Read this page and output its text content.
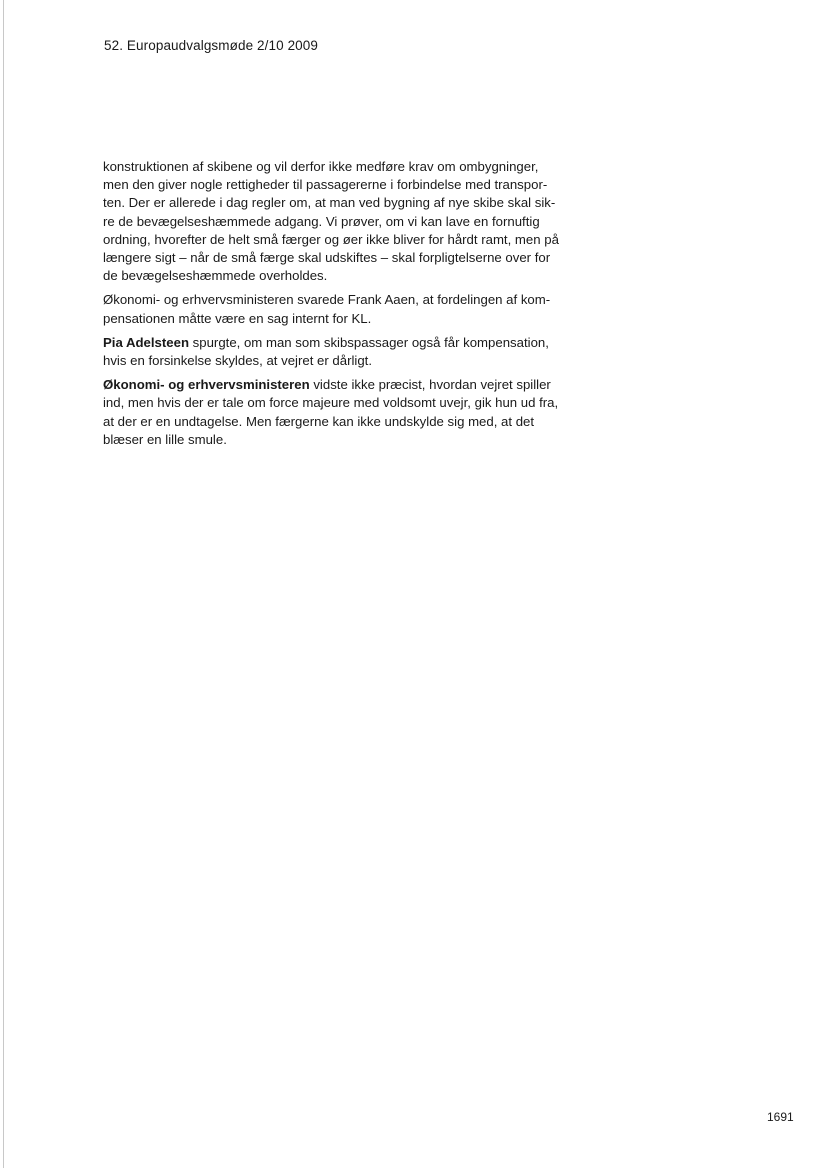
52. Europaudvalgsmøde 2/10 2009

konstruktionen af skibene og vil derfor ikke medføre krav om ombygninger,
men den giver nogle rettigheder til passagererne i forbindelse med transpor-
ten. Der er allerede i dag regler om, at man ved bygning af nye skibe skal sik-
re de bevægelseshæmmede adgang. Vi prøver, om vi kan lave en fornuftig
ordning, hvorefter de helt små færger og øer ikke bliver for hårdt ramt, men på
længere sigt – når de små færge skal udskiftes – skal forpligtelserne over for
de bevægelseshæmmede overholdes.

Økonomi- og erhvervsministeren svarede Frank Aaen, at fordelingen af kom-
pensationen måtte være en sag internt for KL.

Pia Adelsteen spurgte, om man som skibspassager også får kompensation,
hvis en forsinkelse skyldes, at vejret er dårligt.

Økonomi- og erhvervsministeren vidste ikke præcist, hvordan vejret spiller
ind, men hvis der er tale om force majeure med voldsomt uvejr, gik hun ud fra,
at der er en undtagelse. Men færgerne kan ikke undskylde sig med, at det
blæser en lille smule.

1691
